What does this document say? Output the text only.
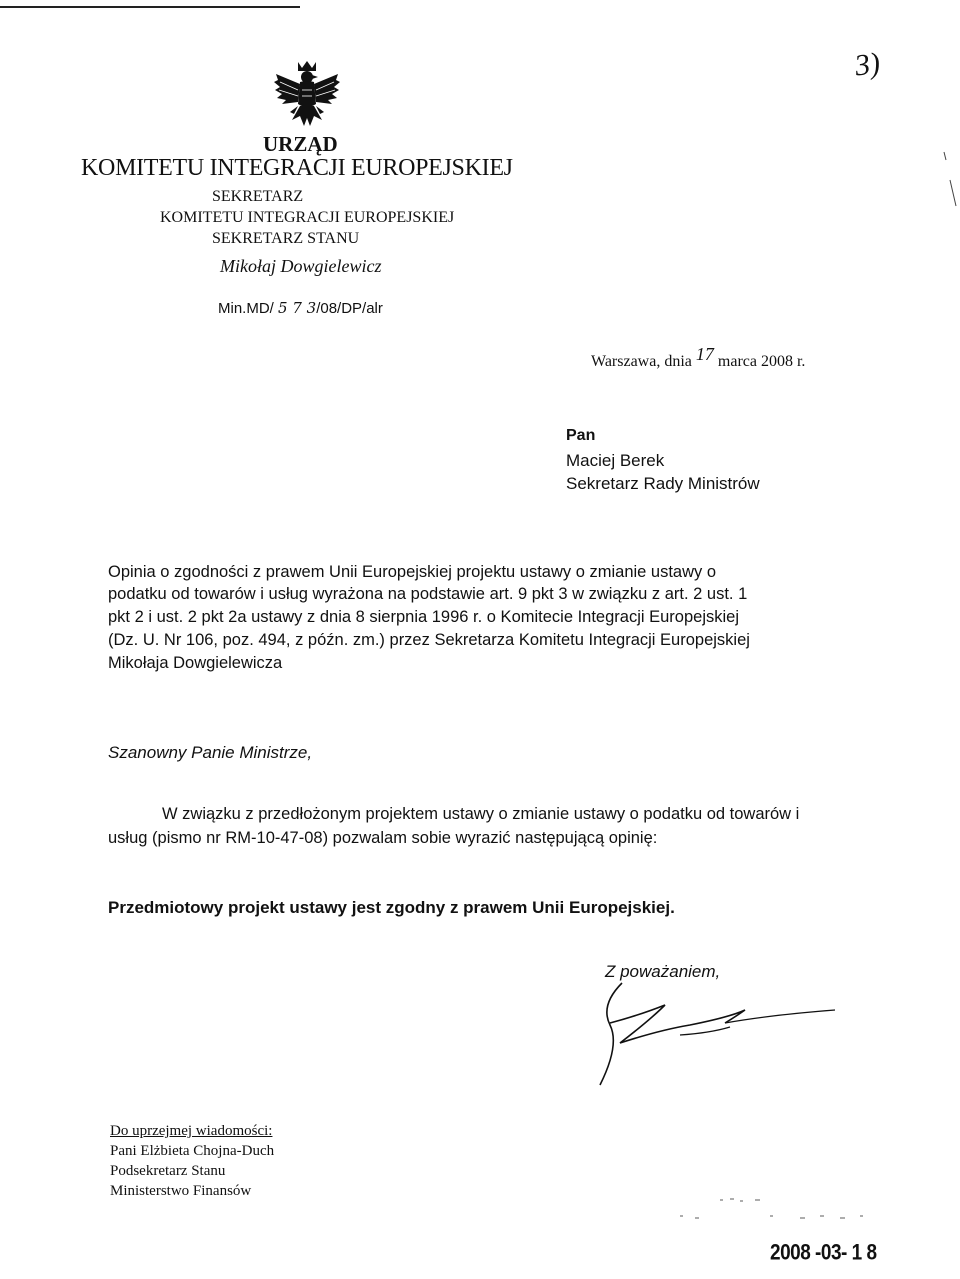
URZĄD
KOMITETU INTEGRACJI EUROPEJSKIEJ
SEKRETARZ
KOMITETU INTEGRACJI EUROPEJSKIEJ
SEKRETARZ STANU
Mikołaj Dowgielewicz
Min.MD/ 5 7 3/08/DP/alr
3)
Warszawa, dnia 17 marca 2008 r.
Pan
Maciej Berek
Sekretarz Rady Ministrów
Opinia o zgodności z prawem Unii Europejskiej projektu ustawy o zmianie ustawy o
podatku od towarów i usług wyrażona na podstawie art. 9 pkt 3 w związku z art. 2 ust. 1
pkt 2 i ust. 2 pkt 2a ustawy z dnia 8 sierpnia 1996 r. o Komitecie Integracji Europejskiej
(Dz. U. Nr 106, poz. 494, z późn. zm.) przez Sekretarza Komitetu Integracji Europejskiej
Mikołaja Dowgielewicza
Szanowny Panie Ministrze,
W związku z przedłożonym projektem ustawy o zmianie ustawy o podatku od towarów i
usług (pismo nr RM-10-47-08) pozwalam sobie wyrazić następującą opinię:
Przedmiotowy projekt ustawy jest zgodny z prawem Unii Europejskiej.
Z poważaniem,
Do uprzejmej wiadomości:
Pani Elżbieta Chojna-Duch
Podsekretarz Stanu
Ministerstwo Finansów
2008 -03- 1 8
